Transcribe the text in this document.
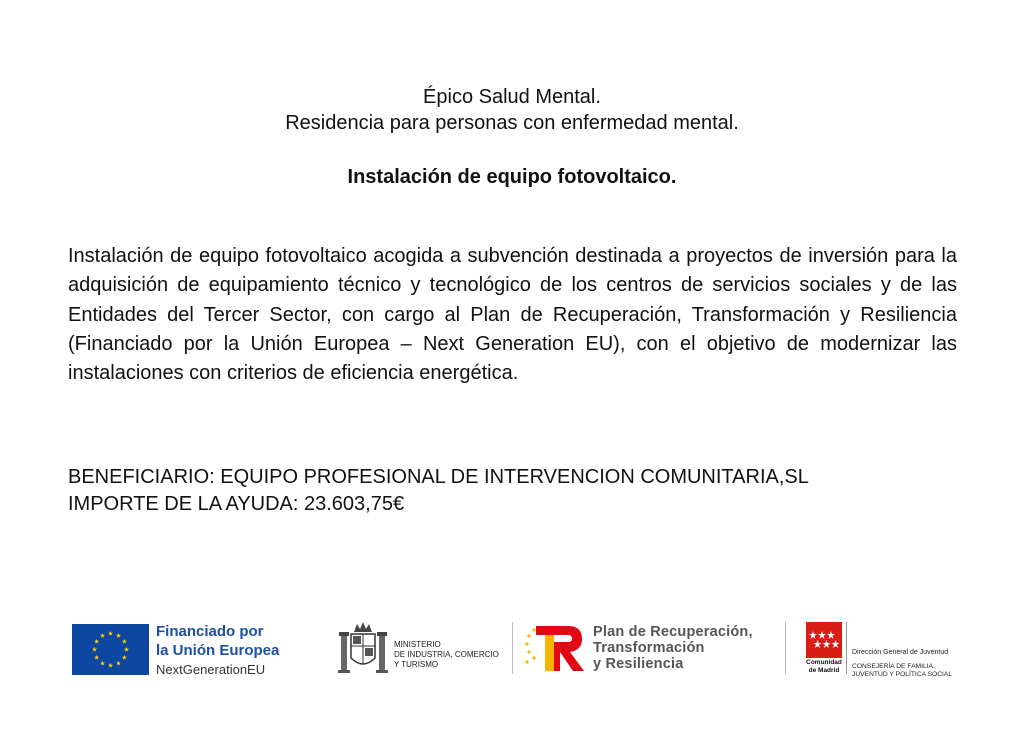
Épico Salud Mental.
Residencia para personas con enfermedad mental.
Instalación de equipo fotovoltaico.
Instalación de equipo fotovoltaico acogida a subvención destinada a proyectos de inversión para la adquisición de equipamiento técnico y tecnológico de los centros de servicios sociales y de las Entidades del Tercer Sector, con cargo al Plan de Recuperación, Transformación y Resiliencia (Financiado por la Unión Europea – Next Generation EU), con el objetivo de modernizar las instalaciones con criterios de eficiencia energética.
BENEFICIARIO: EQUIPO PROFESIONAL DE INTERVENCION COMUNITARIA,SL
IMPORTE DE LA AYUDA: 23.603,75€
Financiado por
la Unión Europea
NextGenerationEU
MINISTERIO
DE INDUSTRIA, COMERCIO
Y TURISMO
Plan de Recuperación,
Transformación
y Resiliencia	Comunidad
de Madrid
Dirección General de Juventud
CONSEJERÍA DE FAMILIA,
JUVENTUD Y POLÍTICA SOCIAL
